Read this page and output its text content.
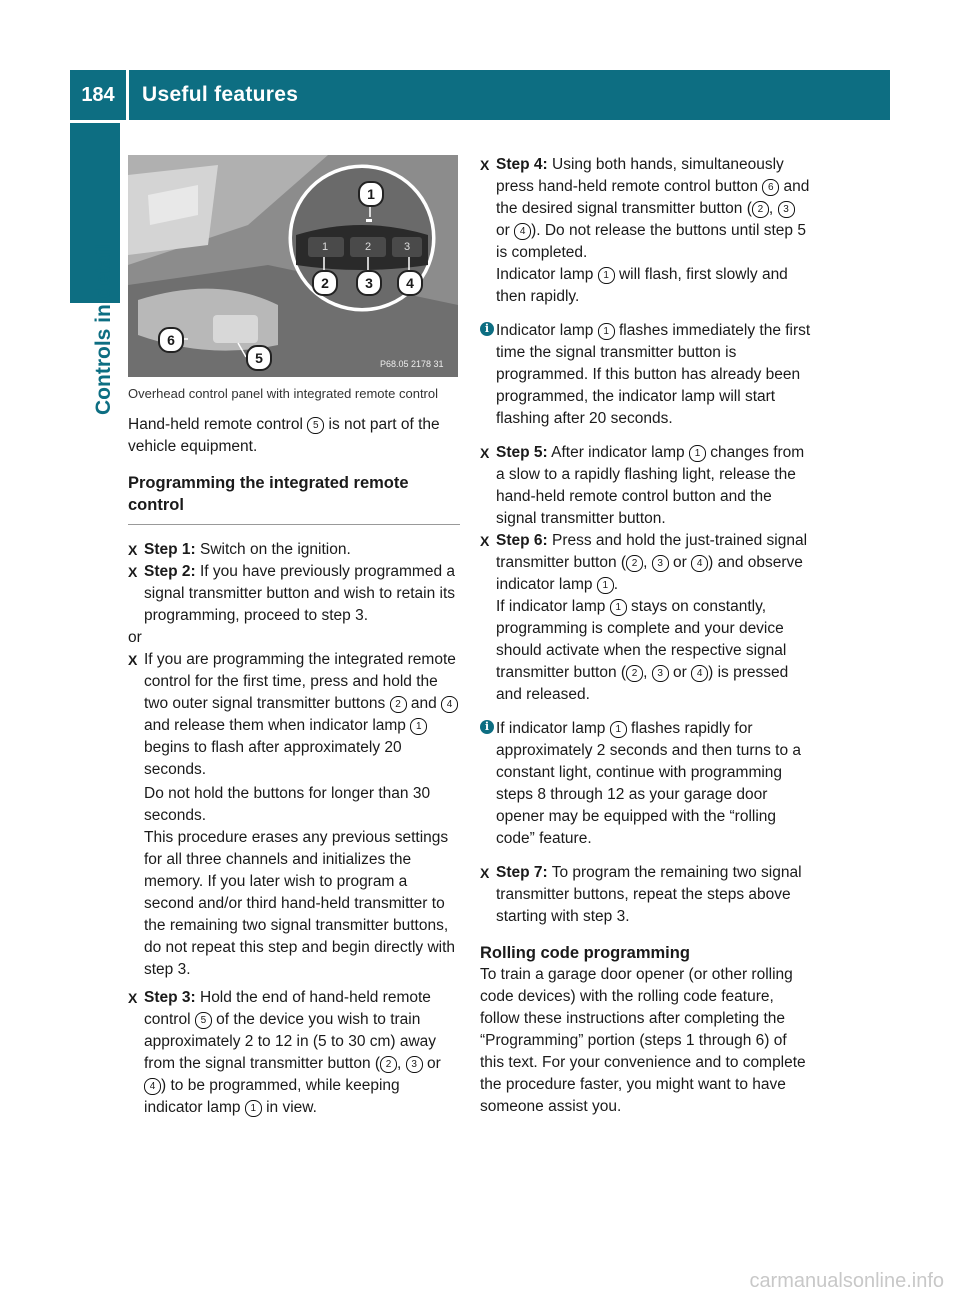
184	Useful features
Controls in detail	1	2	3
1
2	3	4
5
6
P68.05 2178 31

Overhead control panel with integrated remote control

Hand-held remote control 5 is not part of the vehicle equipment.

Programming the integrated remote control

X Step 1: Switch on the ignition.
X Step 2: If you have previously programmed a signal transmitter button and wish to retain its programming, proceed to step 3.

or

X If you are programming the integrated remote control for the first time, press and hold the two outer signal transmitter buttons 2 and 4 and release them when indicator lamp 1 begins to flash after approximately 20 seconds.

Do not hold the buttons for longer than 30 seconds.

This procedure erases any previous settings for all three channels and initializes the memory. If you later wish to program a second and/or third hand-held transmitter to the remaining two signal transmitter buttons, do not repeat this step and begin directly with step 3.

X Step 3: Hold the end of hand-held remote control 5 of the device you wish to train approximately 2 to 12 in (5 to 30 cm) away from the signal transmitter button ( 2 , 3 or 4 ) to be programmed, while keeping indicator lamp 1 in view.
X Step 4: Using both hands, simultaneously press hand-held remote control button 6 and the desired signal transmitter button ( 2 , 3 or 4 ). Do not release the buttons until step 5 is completed.
Indicator lamp 1 will flash, first slowly and then rapidly.
i Indicator lamp 1 flashes immediately the first time the signal transmitter button is programmed. If this button has already been programmed, the indicator lamp will start flashing after 20 seconds.
X Step 5: After indicator lamp 1 changes from a slow to a rapidly flashing light, release the hand-held remote control button and the signal transmitter button.
X Step 6: Press and hold the just-trained signal transmitter button ( 2 , 3 or 4 ) and observe indicator lamp 1 .
If indicator lamp 1 stays on constantly, programming is complete and your device should activate when the respective signal transmitter button ( 2 , 3 or 4 ) is pressed and released.
i If indicator lamp 1 flashes rapidly for approximately 2 seconds and then turns to a constant light, continue with programming steps 8 through 12 as your garage door opener may be equipped with the “rolling code” feature.
X Step 7: To program the remaining two signal transmitter buttons, repeat the steps above starting with step 3.

Rolling code programming

To train a garage door opener (or other rolling code devices) with the rolling code feature, follow these instructions after completing the “Programming” portion (steps 1 through 6) of this text. For your convenience and to complete the procedure faster, you might want to have someone assist you.

carmanualsonline.info
